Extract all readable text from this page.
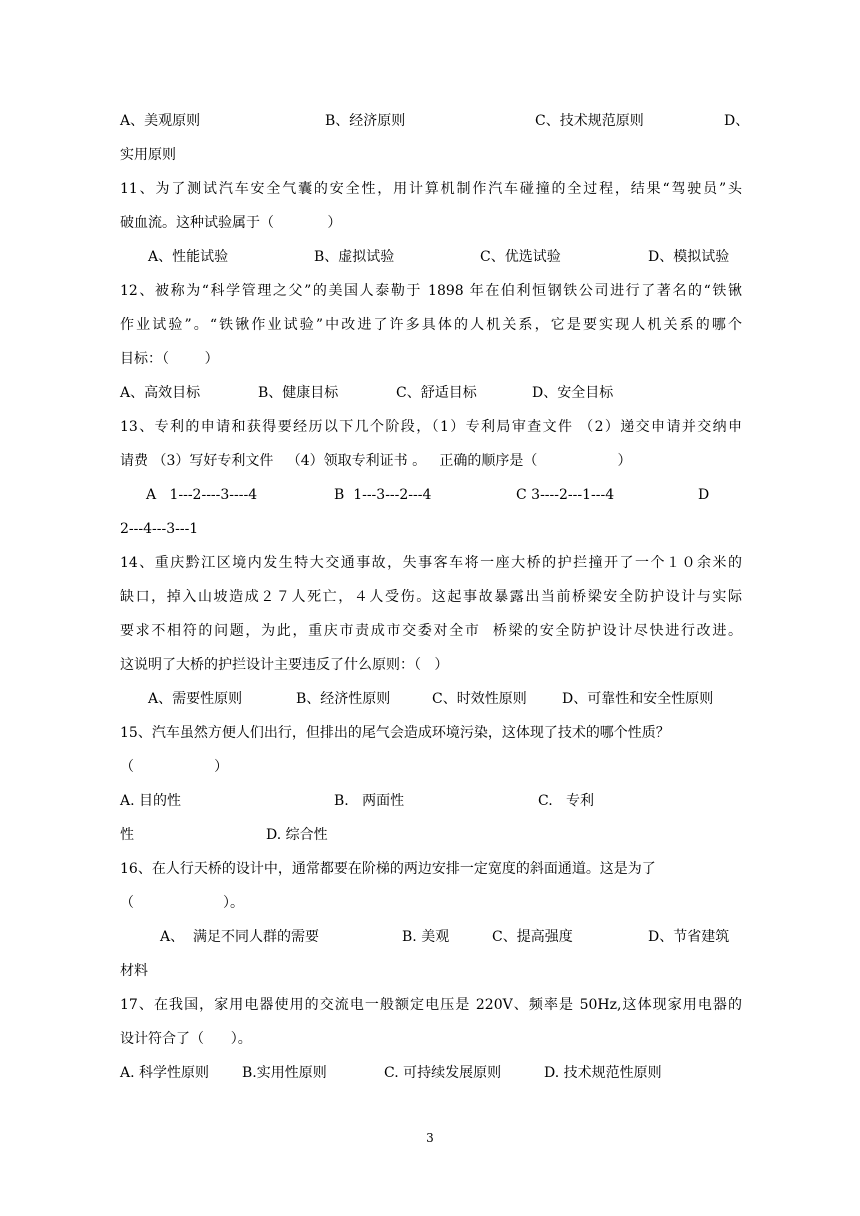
A、美观原则

	B、经济原则

	C、技术规范原则

	D、

实用原则
11、为了测试汽车安全气囊的安全性，用计算机制作汽车碰撞的全过程，结果“驾驶员”头
破血流。这种试验属于（            ）

A、性能试验

	B、虚拟试验

	C、优选试验

	D、模拟试验

12、被称为“科学管理之父”的美国人泰勒于 1898 年在伯利恒钢铁公司进行了著名的“铁锹
作业试验”。“铁锹作业试验”中改进了许多具体的人机关系，它是要实现人机关系的哪个
目标：（        ）

A、高效目标

	B、健康目标

	C、舒适目标

	D、安全目标

13、专利的申请和获得要经历以下几个阶段，（1）专利局审查文件 （2）递交申请并交纳申
请费 （3）写好专利文件   （4）领取专利证书 。   正确的顺序是（                  ）

A   1---2----3----4

	B  1---3---2---4

	C 3----2---1---4

	D

2---4---3---1
14、重庆黔江区境内发生特大交通事故，失事客车将一座大桥的护拦撞开了一个１０余米的
缺口，掉入山坡造成２７人死亡，４人受伤。这起事故暴露出当前桥梁安全防护设计与实际
要求不相符的问题，为此，重庆市责成市交委对全市  桥梁的安全防护设计尽快进行改进。
这说明了大桥的护拦设计主要违反了什么原则：（   ）

A、需要性原则

	B、经济性原则

	C、时效性原则

	D、可靠性和安全性原则

15、汽车虽然方便人们出行，但排出的尾气会造成环境污染，这体现了技术的哪个性质？
（                  ）

A. 目的性

	B.   两面性

	C.   专利

性

	D. 综合性

16、在人行天桥的设计中，通常都要在阶梯的两边安排一定宽度的斜面通道。这是为了
（                    ）。

A、  满足不同人群的需要

	B. 美观

	C、提高强度

	D、节省建筑

材料
17、在我国，家用电器使用的交流电一般额定电压是 220V、频率是 50Hz,这体现家用电器的
设计符合了（      ）。

A. 科学性原则

B.实用性原则

	C. 可持续发展原则

	D. 技术规范性原则

3
